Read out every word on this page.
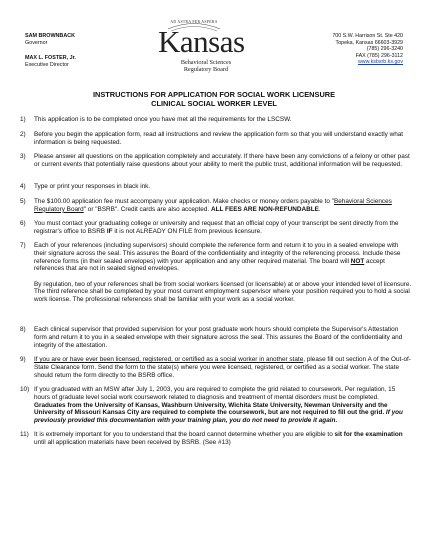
SAM BROWNBACK
Governor
MAX L. FOSTER, Jr.
Executive Director
AD ASTRA PER ASPERA
Kansas
Behavioral Sciences
Regulatory Board
700 S.W. Harrison St. Ste 420
Topeka, Kansas 66603-3929
(785) 296-3240
FAX (785) 296-3112
www.ksbsrb.ks.gov
INSTRUCTIONS FOR APPLICATION FOR SOCIAL WORK LICENSURE
CLINICAL SOCIAL WORKER LEVEL
1)	This application is to be completed once you have met all the requirements for the LSCSW.
2)	Before you begin the application form, read all instructions and review the application form so that you will understand exactly what information is being requested.
3)	Please answer all questions on the application completely and accurately. If there have been any convictions of a felony or other past or current events that potentially raise questions about your ability to merit the public trust, additional information will be requested.
4)	Type or print your responses in black ink.
5)	The $100.00 application fee must accompany your application. Make checks or money orders payable to "Behavioral Sciences Regulatory Board" or "BSRB". Credit cards are also accepted. ALL FEES ARE NON-REFUNDABLE.
6)	You must contact your graduating college or university and request that an official copy of your transcript be sent directly from the registrar's office to BSRB IF it is not ALREADY ON FILE from previous licensure.
7)	Each of your references (including supervisors) should complete the reference form and return it to you in a sealed envelope with their signature across the seal. This assures the Board of the confidentiality and integrity of the referencing process. Include these reference forms (in their sealed envelopes) with your application and any other required material. The board will NOT accept references that are not in sealed signed envelopes.

By regulation, two of your references shall be from social workers licensed (or licensable) at or above your intended level of licensure. The third reference shall be completed by your most current employment supervisor where your position required you to hold a social work license. The professional references shall be familiar with your work as a social worker.

8)	Each clinical supervisor that provided supervision for your post graduate work hours should complete the Supervisor's Attestation form and return it to you in a sealed envelope with their signature across the seal. This assures the Board of the confidentiality and integrity of the attestation.
9)	If you are or have ever been licensed, registered, or certified as a social worker in another state, please fill out section A of the Out-of-State Clearance form. Send the form to the state(s) where you were licensed, registered, or certified as a social worker. The state should return the form directly to the BSRB office.
10) If you graduated with an MSW after July 1, 2003, you are required to complete the grid related to coursework. Per regulation, 15 hours of graduate level social work coursework related to diagnosis and treatment of mental disorders must be completed. Graduates from the University of Kansas, Washburn University, Wichita State University, Newman University and the University of Missouri Kansas City are required to complete the coursework, but are not required to fill out the grid. If you previously provided this documentation with your training plan, you do not need to provide it again.
11) It is extremely important for you to understand that the board cannot determine whether you are eligible to sit for the examination until all application materials have been received by BSRB. (See #13)
